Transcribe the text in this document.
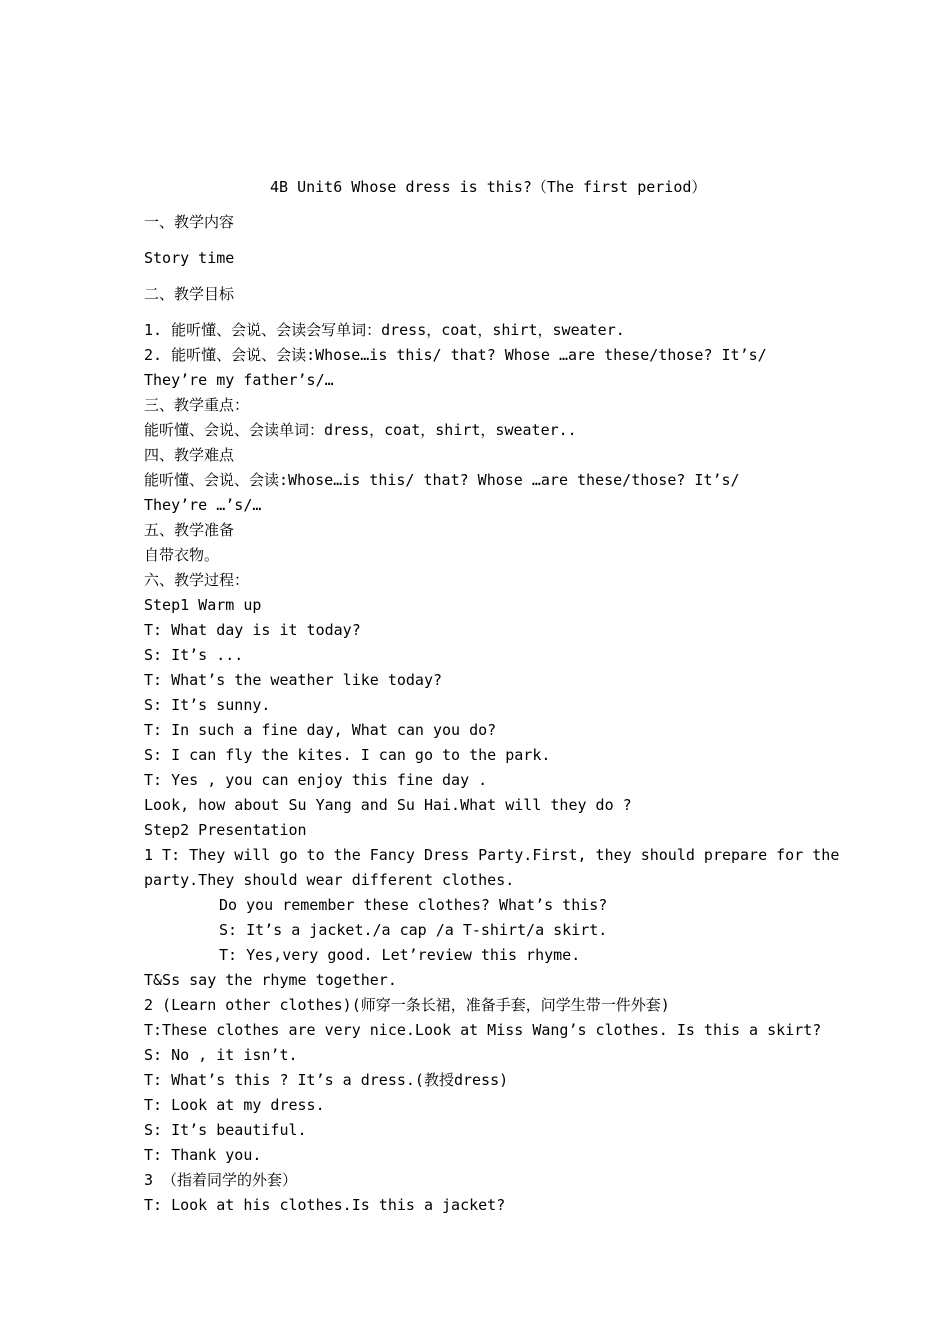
4B Unit6 Whose dress is this?（The first period）
一、教学内容
Story time
二、教学目标
1. 能听懂、会说、会读会写单词：dress，coat，shirt，sweater.
2. 能听懂、会说、会读:Whose…is this/ that? Whose …are these/those? It’s/
They’re my father’s/…
三、教学重点：
能听懂、会说、会读单词：dress，coat，shirt，sweater..
四、教学难点
能听懂、会说、会读:Whose…is this/ that? Whose …are these/those? It’s/
They’re …’s/…
五、教学准备
自带衣物。
六、教学过程：
Step1 Warm up
T: What day is it today?
S: It’s ...
T: What’s the weather like today?
S: It’s sunny.
T: In such a fine day, What can you do?
S: I can fly the kites. I can go to the park.
T: Yes , you can enjoy this fine day .
Look, how about Su Yang and Su Hai.What will they do ?
Step2 Presentation
1 T: They will go to the Fancy Dress Party.First, they should prepare for the
party.They should wear different clothes.
Do you remember these clothes? What’s this?
S: It’s a jacket./a cap /a T-shirt/a skirt.
T: Yes,very good. Let’review this rhyme.
T&Ss say the rhyme together.
2 (Learn other clothes)(师穿一条长裙，准备手套，问学生带一件外套)
T:These clothes are very nice.Look at Miss Wang’s clothes. Is this a skirt?
S: No , it isn’t.
T: What’s this ? It’s a dress.(教授dress)
T: Look at my dress.
S: It’s beautiful.
T: Thank you.
3 （指着同学的外套）
T: Look at his clothes.Is this a jacket?
